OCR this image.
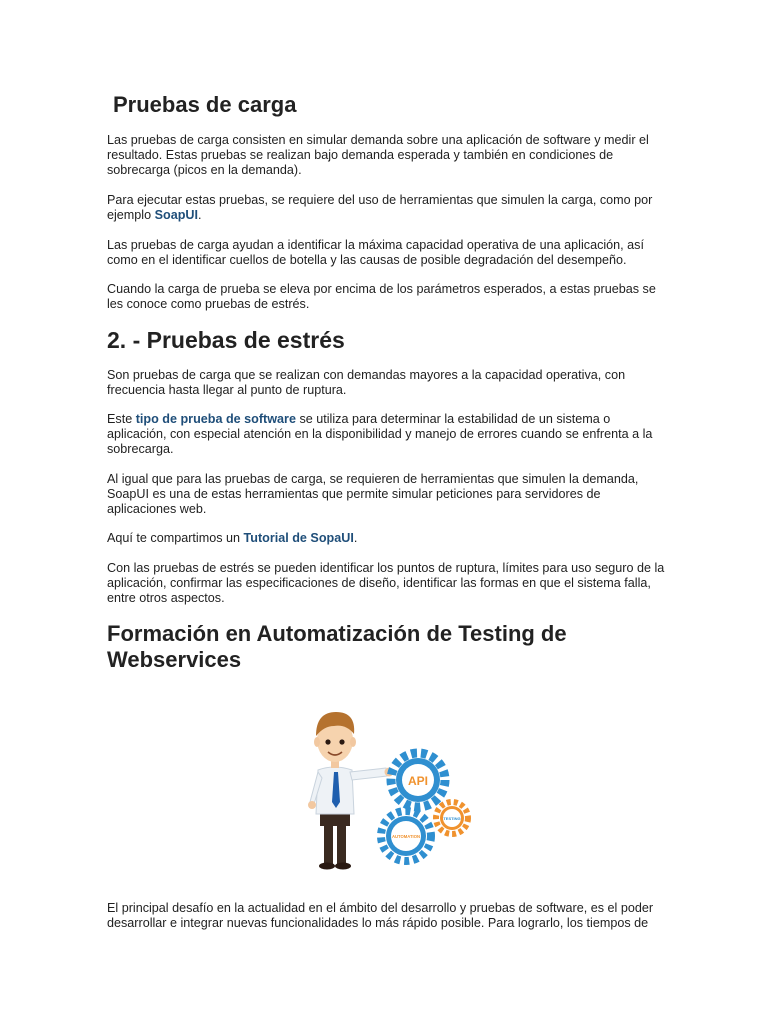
Pruebas de carga

Las pruebas de carga consisten en simular demanda sobre una aplicación de software y medir el resultado. Estas pruebas se realizan bajo demanda esperada y también en condiciones de sobrecarga (picos en la demanda).

Para ejecutar estas pruebas, se requiere del uso de herramientas que simulen la carga, como por ejemplo SoapUI.

Las pruebas de carga ayudan a identificar la máxima capacidad operativa de una aplicación, así como en el identificar cuellos de botella y las causas de posible degradación del desempeño.

Cuando la carga de prueba se eleva por encima de los parámetros esperados, a estas pruebas se les conoce como pruebas de estrés.

2. - Pruebas de estrés

Son pruebas de carga que se realizan con demandas mayores a la capacidad operativa, con frecuencia hasta llegar al punto de ruptura.

Este tipo de prueba de software se utiliza para determinar la estabilidad de un sistema o aplicación, con especial atención en la disponibilidad y manejo de errores cuando se enfrenta a la sobrecarga.

Al igual que para las pruebas de carga, se requieren de herramientas que simulen la demanda, SoapUI es una de estas herramientas que permite simular peticiones para servidores de aplicaciones web.

Aquí te compartimos un Tutorial de SopaUI.

Con las pruebas de estrés se pueden identificar los puntos de ruptura, límites para uso seguro de la aplicación, confirmar las especificaciones de diseño, identificar las formas en que el sistema falla, entre otros aspectos.

Formación en Automatización de Testing de Webservices
API
AUTOMATION
TESTING

El principal desafío en la actualidad en el ámbito del desarrollo y pruebas de software, es el poder desarrollar e integrar nuevas funcionalidades lo más rápido posible. Para lograrlo, los tiempos de
